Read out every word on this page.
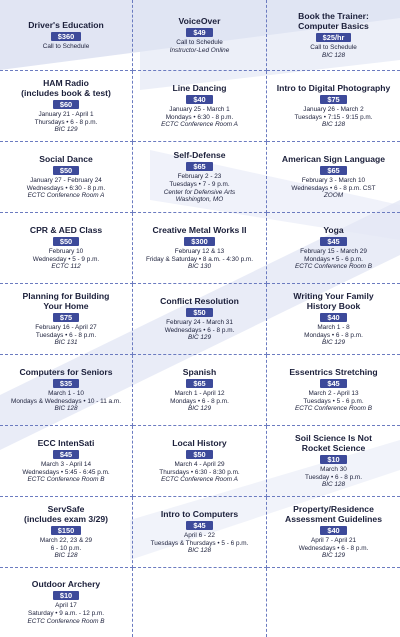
Driver's Education
$360
Call to Schedule
VoiceOver
$49
Call to Schedule
Instructor-Led Online
Book the Trainer:
Computer Basics
$25/hr
Call to Schedule
BIC 128
HAM Radio
(includes book & test)
$60
January 21 - April 1
Thursdays • 6 - 8 p.m.
BIC 129
Line Dancing
$40
January 25 - March 1
Mondays • 6:30 - 8 p.m.
ECTC Conference Room A
Intro to Digital Photography
$75
January 26 - March 2
Tuesdays • 7:15 - 9:15 p.m.
BIC 128
Social Dance
$50
January 27 - February 24
Wednesdays • 6:30 - 8 p.m.
ECTC Conference Room A
Self-Defense
$65
February 2 - 23
Tuesdays • 7 - 9 p.m.
Center for Defensive Arts
Washington, MO
American Sign Language
$65
February 3 - March 10
Wednesdays • 6 - 8 p.m. CST
ZOOM
CPR & AED Class
$50
February 10
Wednesday • 5 - 9 p.m.
ECTC 112
Creative Metal Works II
$300
February 12 & 13
Friday & Saturday • 8 a.m. - 4:30 p.m.
BIC 130
Yoga
$45
February 15 - March 29
Mondays • 5 - 6 p.m.
ECTC Conference Room B
Planning for Building
Your Home
$75
February 16 - April 27
Tuesdays • 6 - 8 p.m.
BIC 131
Conflict Resolution
$50
February 24 - March 31
Wednesdays • 6 - 8 p.m.
BIC 129
Writing Your Family
History Book
$40
March 1 - 8
Mondays • 6 - 8 p.m.
BIC 129
Computers for Seniors
$35
March 1 - 10
Mondays & Wednesdays • 10 - 11 a.m.
BIC 128
Spanish
$65
March 1 - April 12
Mondays • 6 - 8 p.m.
BIC 129
Essentrics Stretching
$45
March 2 - April 13
Tuesdays • 5 - 6 p.m.
ECTC Conference Room B
ECC IntenSati
$45
March 3 - April 14
Wednesdays • 5:45 - 6:45 p.m.
ECTC Conference Room B
Local History
$50
March 4 - April 29
Thursdays • 6:30 - 8:30 p.m.
ECTC Conference Room A
Soil Science Is Not
Rocket Science
$10
March 30
Tuesday • 6 - 8 p.m.
BIC 128
ServSafe
(includes exam 3/29)
$150
March 22, 23 & 29
6 - 10 p.m.
BIC 128
Intro to Computers
$45
April 6 - 22
Tuesdays & Thursdays • 5 - 6 p.m.
BIC 128
Property/Residence
Assessment Guidelines
$40
April 7 - April 21
Wednesdays • 6 - 8 p.m.
BIC 129
Outdoor Archery
$10
April 17
Saturday • 9 a.m. - 12 p.m.
ECTC Conference Room B
